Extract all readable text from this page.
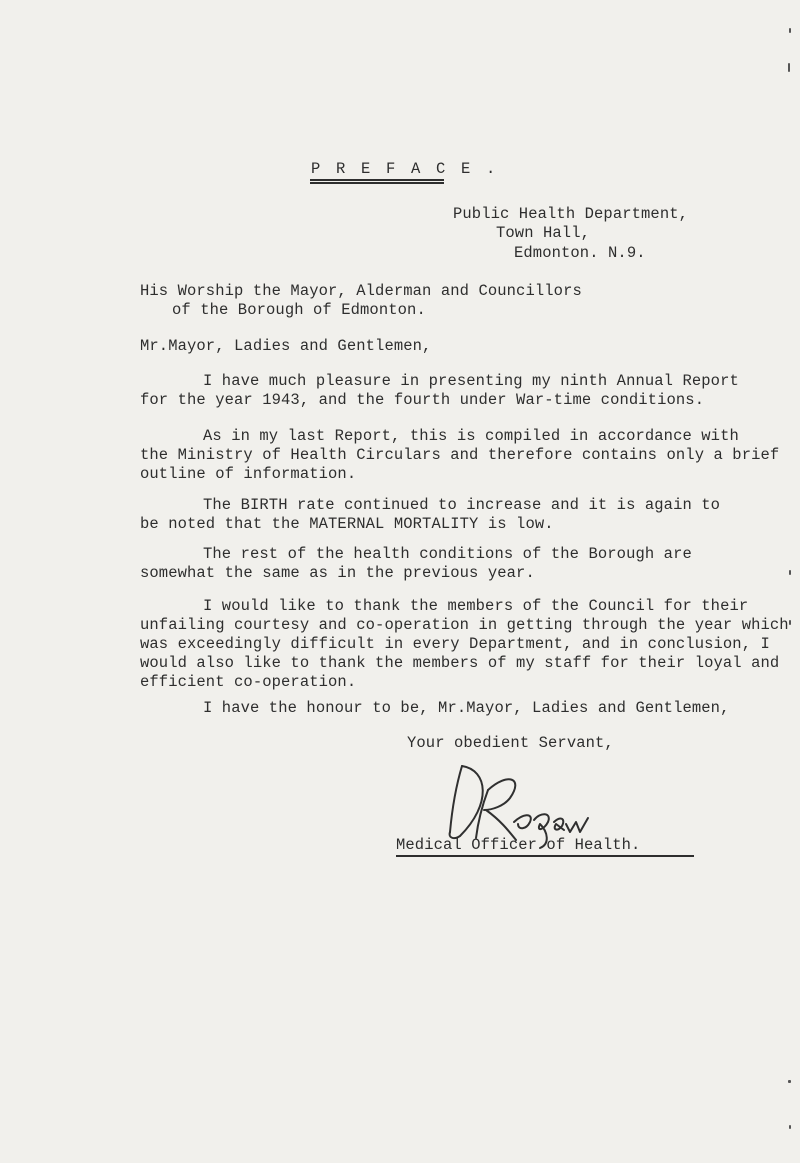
P R E F A C E .
Public Health Department,
Town Hall,
Edmonton. N.9.
His Worship the Mayor, Alderman and Councillors
of the Borough of Edmonton.
Mr.Mayor, Ladies and Gentlemen,
I have much pleasure in presenting my ninth Annual Report
for the year 1943, and the fourth under War-time conditions.
As in my last Report, this is compiled in accordance with
the Ministry of Health Circulars and therefore contains only a brief
outline of information.
The BIRTH rate continued to increase and it is again to
be noted that the MATERNAL MORTALITY is low.
The rest of the health conditions of the Borough are
somewhat the same as in the previous year.
I would like to thank the members of the Council for their
unfailing courtesy and co-operation in getting through the year which
was exceedingly difficult in every Department, and in conclusion, I
would also like to thank the members of my staff for their loyal and
efficient co-operation.
I have the honour to be, Mr.Mayor, Ladies and Gentlemen,
Your obedient Servant,
Medical Officer of Health.
